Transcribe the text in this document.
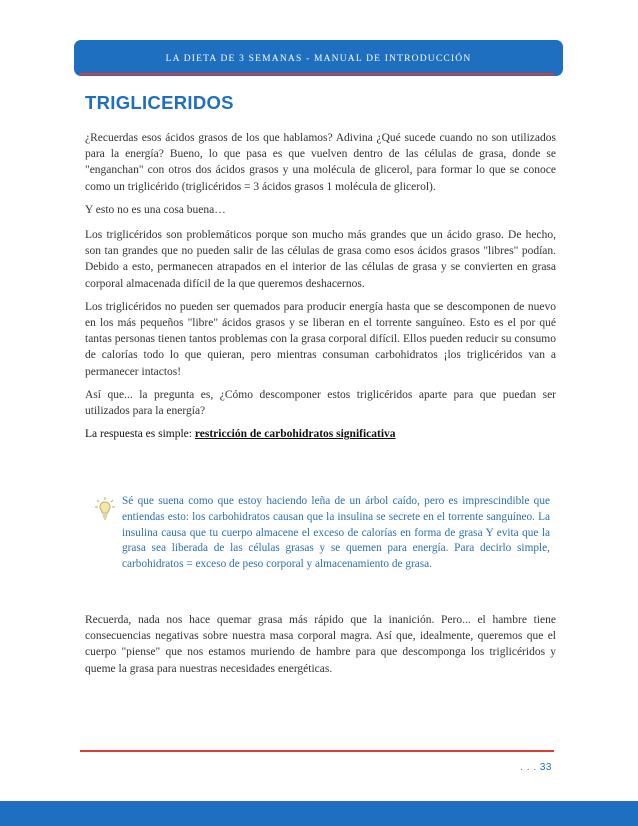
LA DIETA DE 3 SEMANAS - MANUAL DE INTRODUCCIÓN
TRIGLICERIDOS

¿Recuerdas esos ácidos grasos de los que hablamos? Adivina ¿Qué sucede cuando no son utilizados para la energía? Bueno, lo que pasa es que vuelven dentro de las células de grasa, donde se "enganchan" con otros dos ácidos grasos y una molécula de glicerol, para formar lo que se conoce como un triglicérido (triglicéridos = 3 ácidos grasos 1 molécula de glicerol).

Y esto no es una cosa buena…

Los triglicéridos son problemáticos porque son mucho más grandes que un ácido graso. De hecho, son tan grandes que no pueden salir de las células de grasa como esos ácidos grasos "libres" podían. Debido a esto, permanecen atrapados en el interior de las células de grasa y se convierten en grasa corporal almacenada difícil de la que queremos deshacernos.

Los triglicéridos no pueden ser quemados para producir energía hasta que se descomponen de nuevo en los más pequeños "libre" ácidos grasos y se liberan en el torrente sanguíneo. Esto es el por qué tantas personas tienen tantos problemas con la grasa corporal difícil. Ellos pueden reducir su consumo de calorías todo lo que quieran, pero mientras consuman carbohidratos ¡los triglicéridos van a permanecer intactos!

Así que... la pregunta es, ¿Cómo descomponer estos triglicéridos aparte para que puedan ser utilizados para la energía?

La respuesta es simple: restricción de carbohidratos significativa

Sé que suena como que estoy haciendo leña de un árbol caído, pero es imprescindible que entiendas esto: los carbohidratos causan que la insulina se secrete en el torrente sanguíneo. La insulina causa que tu cuerpo almacene el exceso de calorías en forma de grasa Y evita que la grasa sea liberada de las células grasas y se quemen para energía. Para decirlo simple, carbohidratos = exceso de peso corporal y almacenamiento de grasa.

Recuerda, nada nos hace quemar grasa más rápido que la inanición. Pero... el hambre tiene consecuencias negativas sobre nuestra masa corporal magra. Así que, idealmente, queremos que el cuerpo "piense" que nos estamos muriendo de hambre para que descomponga los triglicéridos y queme la grasa para nuestras necesidades energéticas.

. . . 33
